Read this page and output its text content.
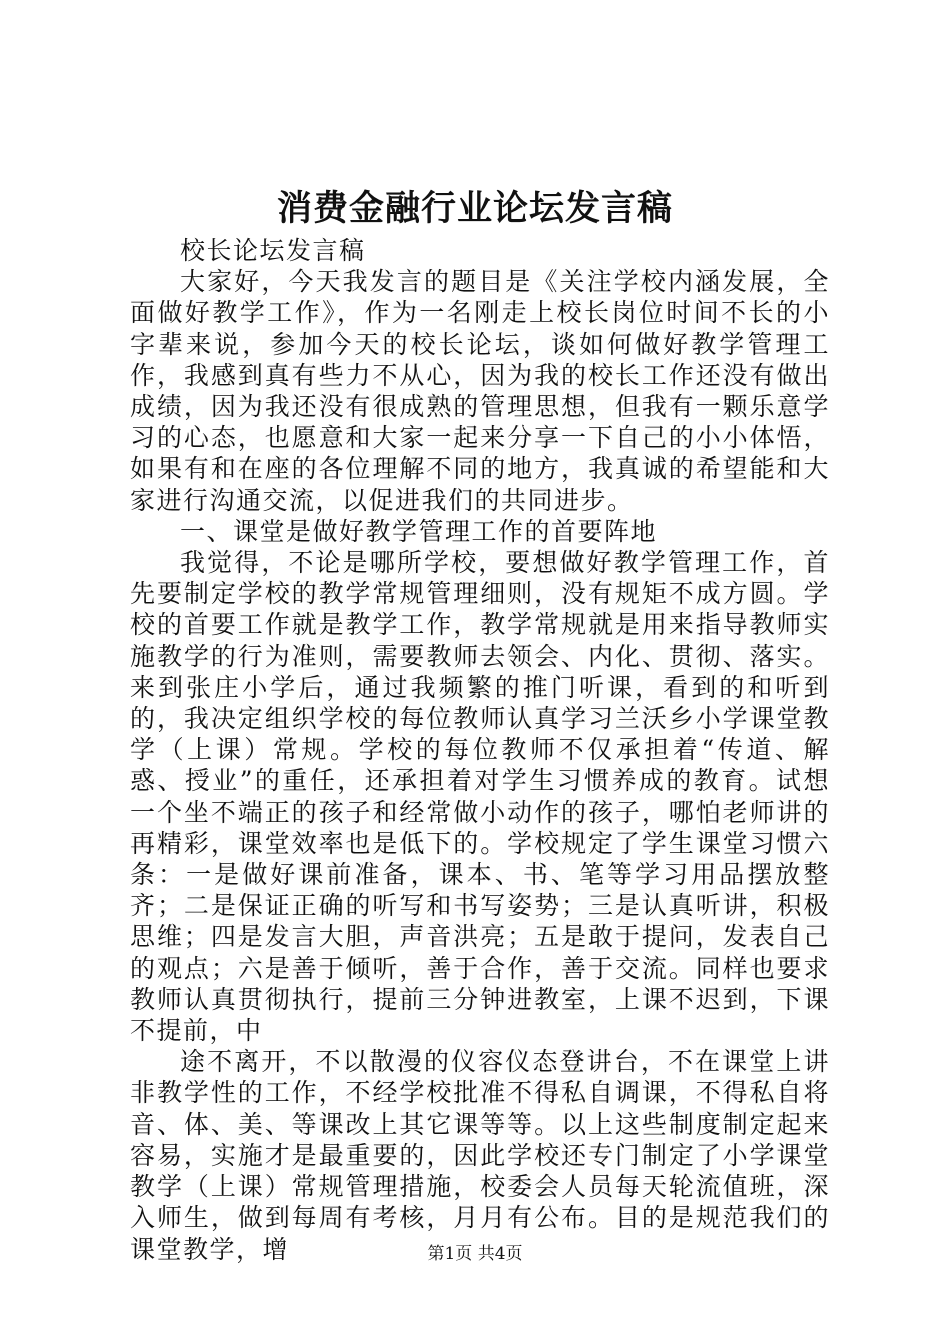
消费金融行业论坛发言稿

校长论坛发言稿

大家好，今天我发言的题目是《关注学校内涵发展，全面做好教学工作》，作为一名刚走上校长岗位时间不长的小字辈来说，参加今天的校长论坛，谈如何做好教学管理工作，我感到真有些力不从心，因为我的校长工作还没有做出成绩，因为我还没有很成熟的管理思想，但我有一颗乐意学习的心态，也愿意和大家一起来分享一下自己的小小体悟，如果有和在座的各位理解不同的地方，我真诚的希望能和大家进行沟通交流，以促进我们的共同进步。

一、课堂是做好教学管理工作的首要阵地

我觉得，不论是哪所学校，要想做好教学管理工作，首先要制定学校的教学常规管理细则，没有规矩不成方圆。学校的首要工作就是教学工作，教学常规就是用来指导教师实施教学的行为准则，需要教师去领会、内化、贯彻、落实。来到张庄小学后，通过我频繁的推门听课，看到的和听到的，我决定组织学校的每位教师认真学习兰沃乡小学课堂教学（上课）常规。学校的每位教师不仅承担着“传道、解惑、授业”的重任，还承担着对学生习惯养成的教育。试想一个坐不端正的孩子和经常做小动作的孩子，哪怕老师讲的再精彩，课堂效率也是低下的。学校规定了学生课堂习惯六条：一是做好课前准备，课本、书、笔等学习用品摆放整齐；二是保证正确的听写和书写姿势；三是认真听讲，积极思维；四是发言大胆，声音洪亮；五是敢于提问，发表自己的观点；六是善于倾听，善于合作，善于交流。同样也要求教师认真贯彻执行，提前三分钟进教室，上课不迟到，下课不提前，中

途不离开，不以散漫的仪容仪态登讲台，不在课堂上讲非教学性的工作，不经学校批准不得私自调课，不得私自将音、体、美、等课改上其它课等等。以上这些制度制定起来容易，实施才是最重要的，因此学校还专门制定了小学课堂教学（上课）常规管理措施，校委会人员每天轮流值班，深入师生，做到每周有考核，月月有公布。目的是规范我们的课堂教学，增	第1页 共4页
